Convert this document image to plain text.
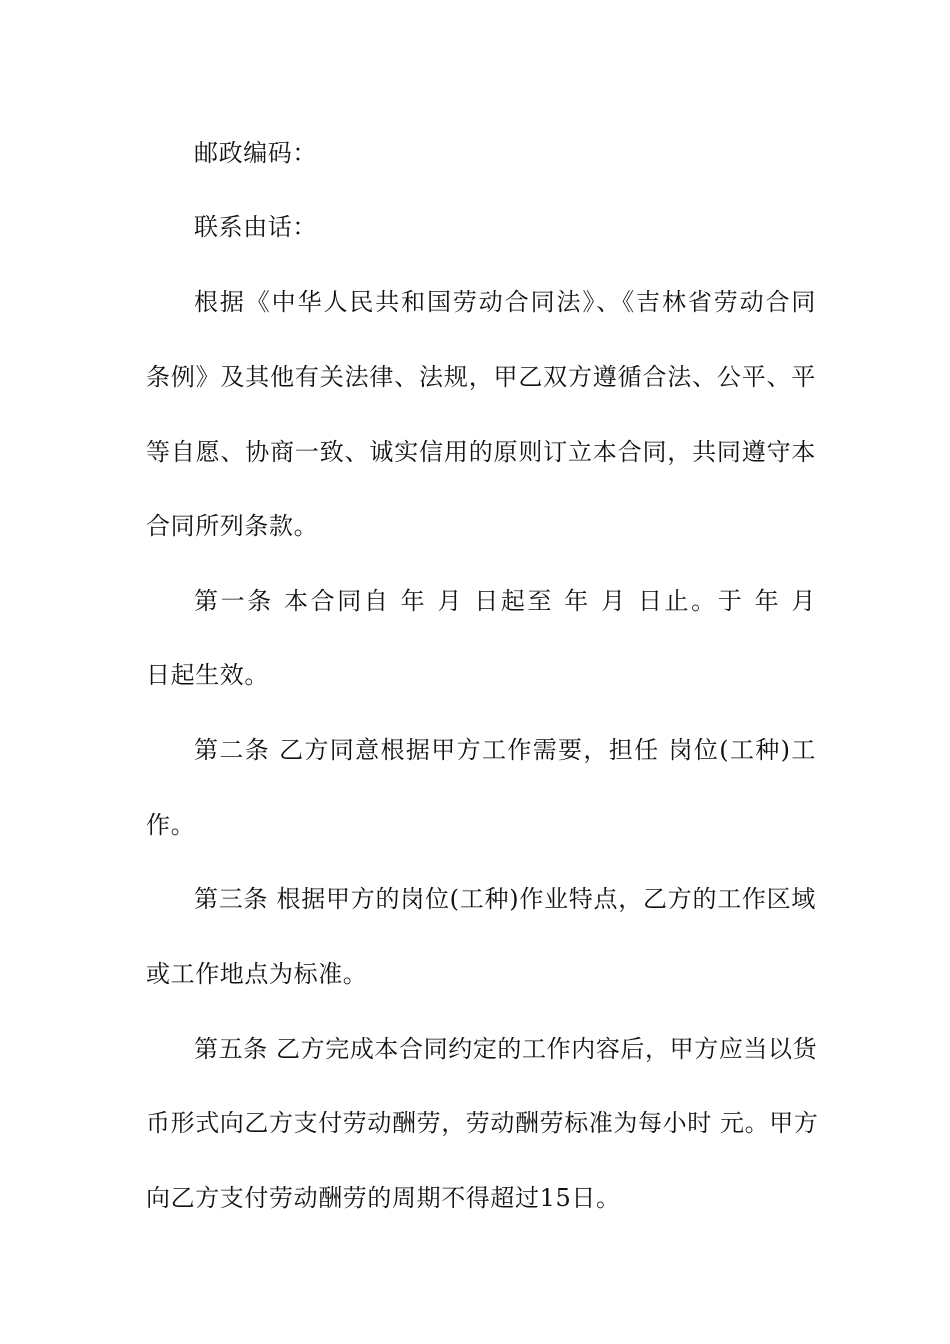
邮政编码：
联系由话：
根据《中华人民共和国劳动合同法》、《吉林省劳动合同
条例》及其他有关法律、法规，甲乙双方遵循合法、公平、平
等自愿、协商一致、诚实信用的原则订立本合同，共同遵守本
合同所列条款。
第一条 本合同自 年 月 日起至 年 月 日止。于 年 月
日起生效。
第二条 乙方同意根据甲方工作需要，担任 岗位(工种)工
作。
第三条 根据甲方的岗位(工种)作业特点，乙方的工作区域
或工作地点为标准。
第五条 乙方完成本合同约定的工作内容后，甲方应当以货
币形式向乙方支付劳动酬劳，劳动酬劳标准为每小时 元。甲方
向乙方支付劳动酬劳的周期不得超过15日。
